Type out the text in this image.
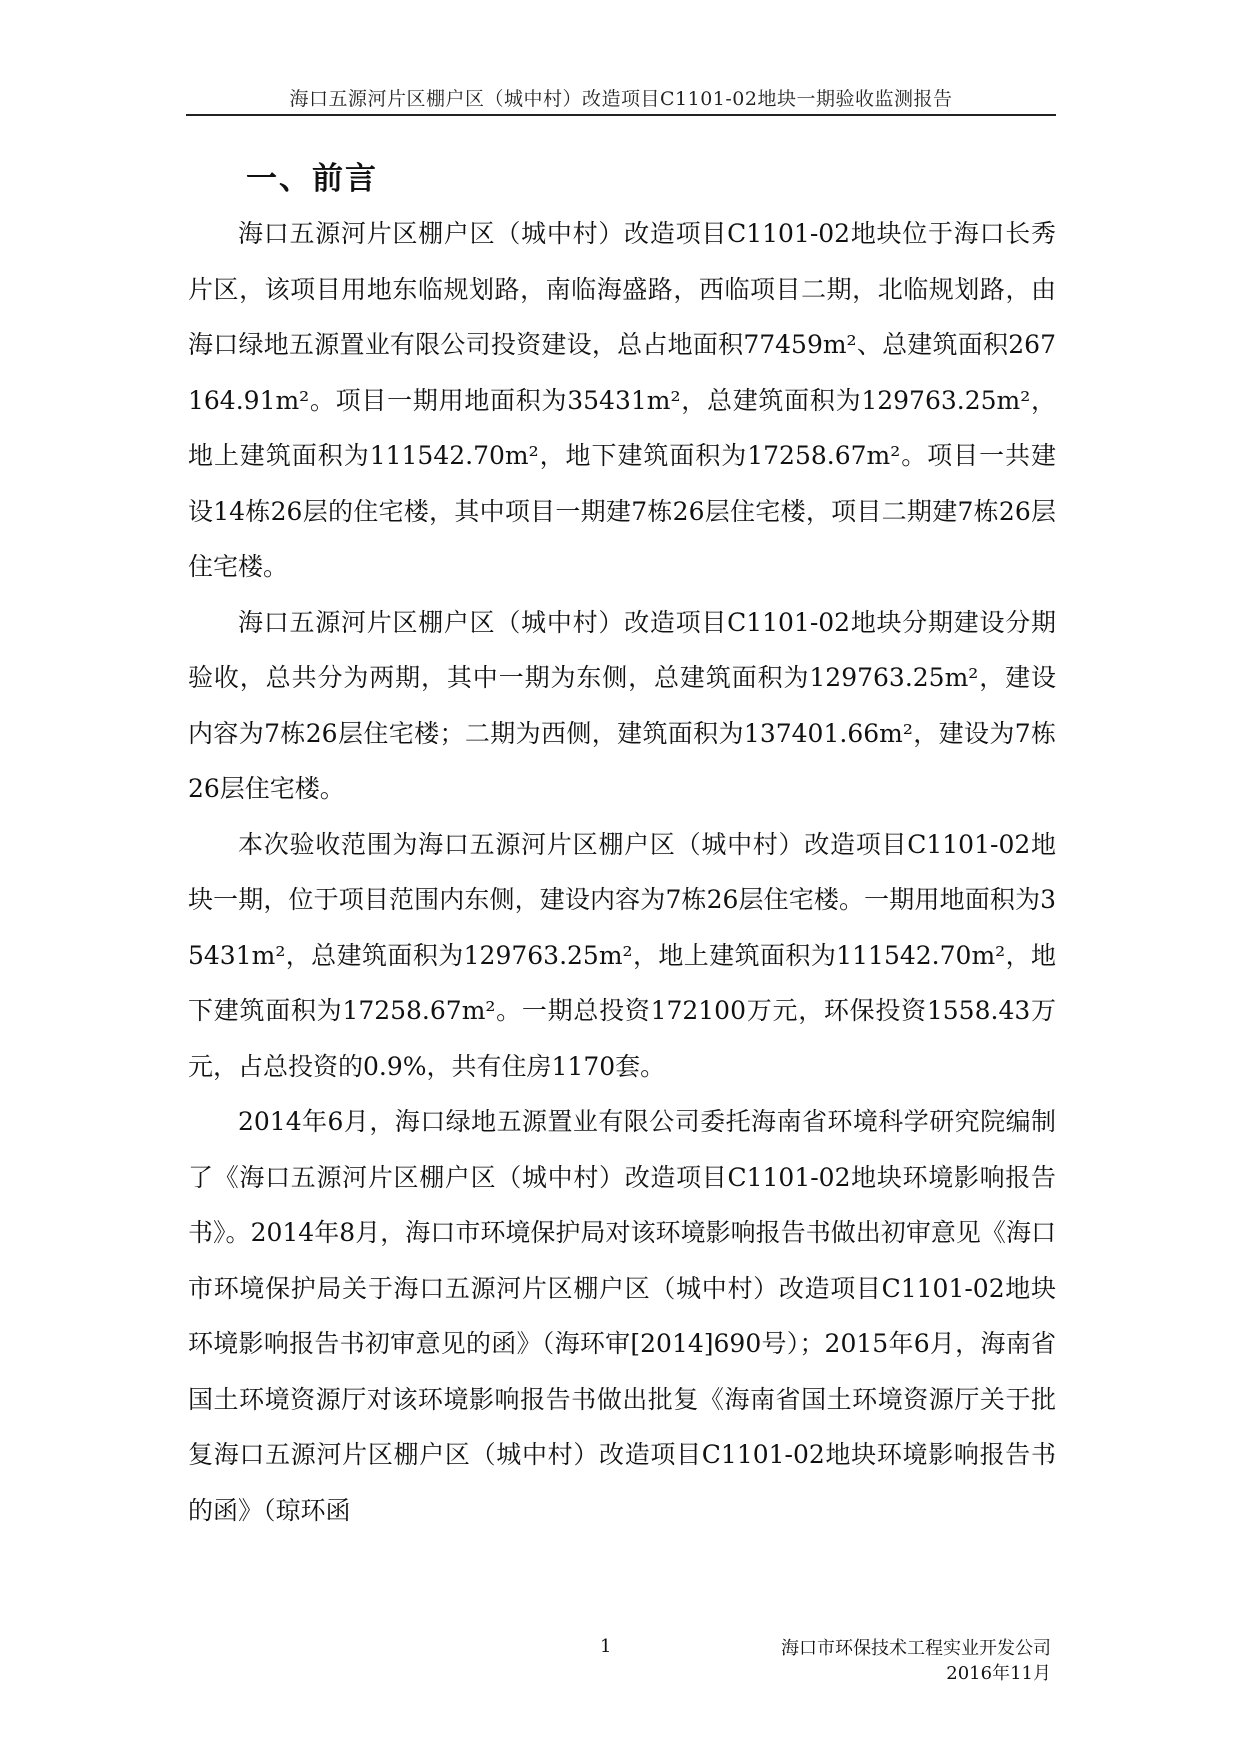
海口五源河片区棚户区（城中村）改造项目C1101-02地块一期验收监测报告
一、前言

海口五源河片区棚户区（城中村）改造项目C1101-02地块位于海口长秀片区，该项目用地东临规划路，南临海盛路，西临项目二期，北临规划路，由海口绿地五源置业有限公司投资建设，总占地面积77459m²、总建筑面积267164.91m²。项目一期用地面积为35431m²，总建筑面积为129763.25m²，地上建筑面积为111542.70m²，地下建筑面积为17258.67m²。项目一共建设14栋26层的住宅楼，其中项目一期建7栋26层住宅楼，项目二期建7栋26层住宅楼。

海口五源河片区棚户区（城中村）改造项目C1101-02地块分期建设分期验收，总共分为两期，其中一期为东侧，总建筑面积为129763.25m²，建设内容为7栋26层住宅楼；二期为西侧，建筑面积为137401.66m²，建设为7栋26层住宅楼。

本次验收范围为海口五源河片区棚户区（城中村）改造项目C1101-02地块一期，位于项目范围内东侧，建设内容为7栋26层住宅楼。一期用地面积为35431m²，总建筑面积为129763.25m²，地上建筑面积为111542.70m²，地下建筑面积为17258.67m²。一期总投资172100万元，环保投资1558.43万元，占总投资的0.9%，共有住房1170套。

2014年6月，海口绿地五源置业有限公司委托海南省环境科学研究院编制了《海口五源河片区棚户区（城中村）改造项目C1101-02地块环境影响报告书》。2014年8月，海口市环境保护局对该环境影响报告书做出初审意见《海口市环境保护局关于海口五源河片区棚户区（城中村）改造项目C1101-02地块环境影响报告书初审意见的函》（海环审[2014]690号）；2015年6月，海南省国土环境资源厅对该环境影响报告书做出批复《海南省国土环境资源厅关于批复海口五源河片区棚户区（城中村）改造项目C1101-02地块环境影响报告书的函》（琼环函

1	海口市环保技术工程实业开发公司
2016年11月
